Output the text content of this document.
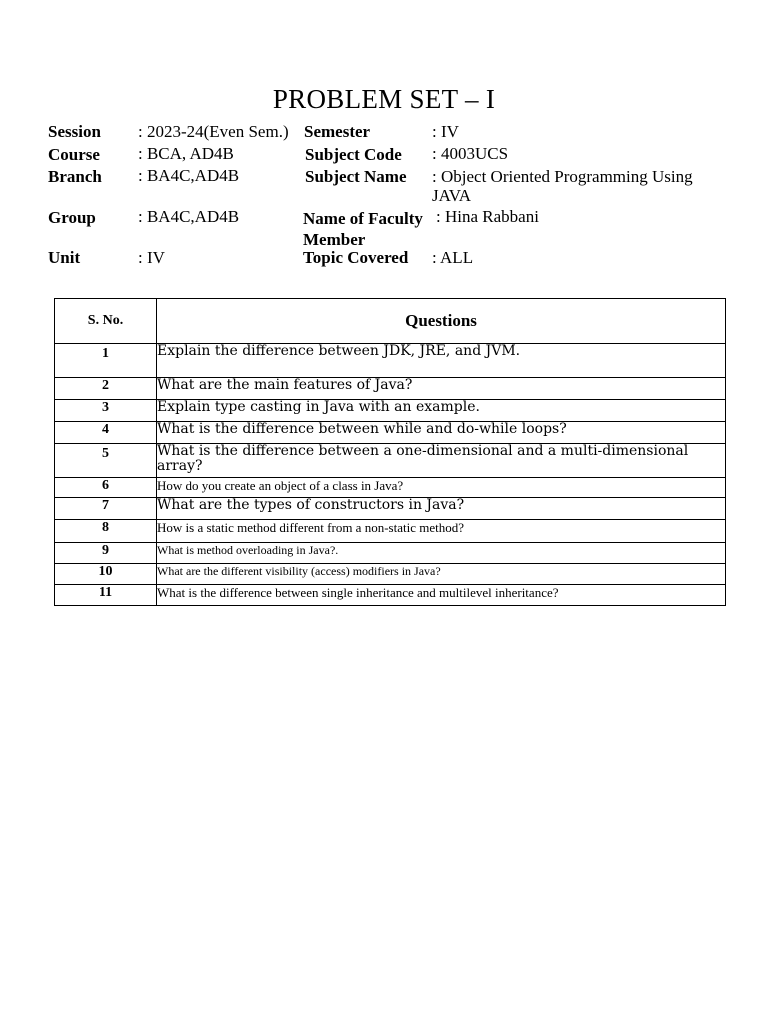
PROBLEM SET – I
Session : 2023-24(Even Sem.)
Course : BCA, AD4B
Branch : BA4C,AD4B
Group : BA4C,AD4B
Unit	: IV
Semester	: IV
Subject Code : 4003UCS
Subject Name : Object Oriented Programming Using JAVA
Name of Faculty Member
: Hina Rabbani
Topic Covered : ALL
S. No.	Questions
1	Explain the difference between JDK, JRE, and JVM.
2	What are the main features of Java?
3	Explain type casting in Java with an example.
4	What is the difference between while and do-while loops?
5	What is the difference between a one-dimensional and a multi-dimensional array?
6	How do you create an object of a class in Java?
7	What are the types of constructors in Java?
8	How is a static method different from a non-static method?
9	What is method overloading in Java?.
10	What are the different visibility (access) modifiers in Java?
11	What is the difference between single inheritance and multilevel inheritance?
